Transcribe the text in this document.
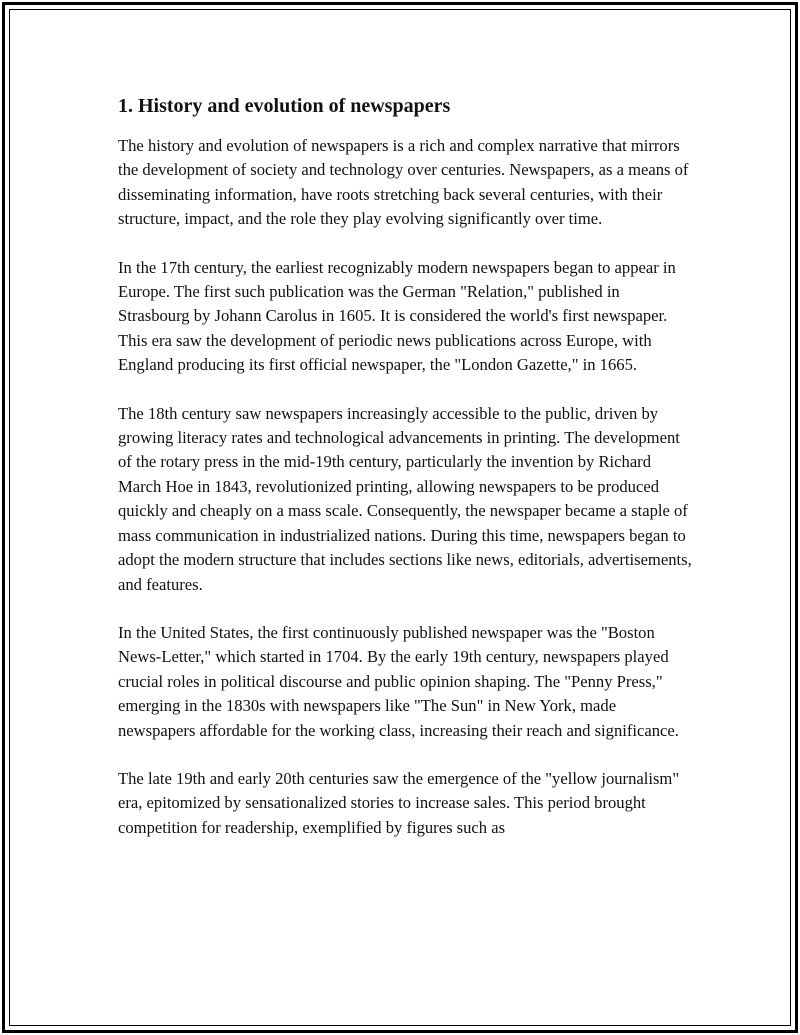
1. History and evolution of newspapers

The history and evolution of newspapers is a rich and complex narrative that mirrors the development of society and technology over centuries. Newspapers, as a means of disseminating information, have roots stretching back several centuries, with their structure, impact, and the role they play evolving significantly over time.

In the 17th century, the earliest recognizably modern newspapers began to appear in Europe. The first such publication was the German "Relation," published in Strasbourg by Johann Carolus in 1605. It is considered the world's first newspaper. This era saw the development of periodic news publications across Europe, with England producing its first official newspaper, the "London Gazette," in 1665.

The 18th century saw newspapers increasingly accessible to the public, driven by growing literacy rates and technological advancements in printing. The development of the rotary press in the mid-19th century, particularly the invention by Richard March Hoe in 1843, revolutionized printing, allowing newspapers to be produced quickly and cheaply on a mass scale. Consequently, the newspaper became a staple of mass communication in industrialized nations. During this time, newspapers began to adopt the modern structure that includes sections like news, editorials, advertisements, and features.

In the United States, the first continuously published newspaper was the "Boston News-Letter," which started in 1704. By the early 19th century, newspapers played crucial roles in political discourse and public opinion shaping. The "Penny Press," emerging in the 1830s with newspapers like "The Sun" in New York, made newspapers affordable for the working class, increasing their reach and significance.

The late 19th and early 20th centuries saw the emergence of the "yellow journalism" era, epitomized by sensationalized stories to increase sales. This period brought competition for readership, exemplified by figures such as
